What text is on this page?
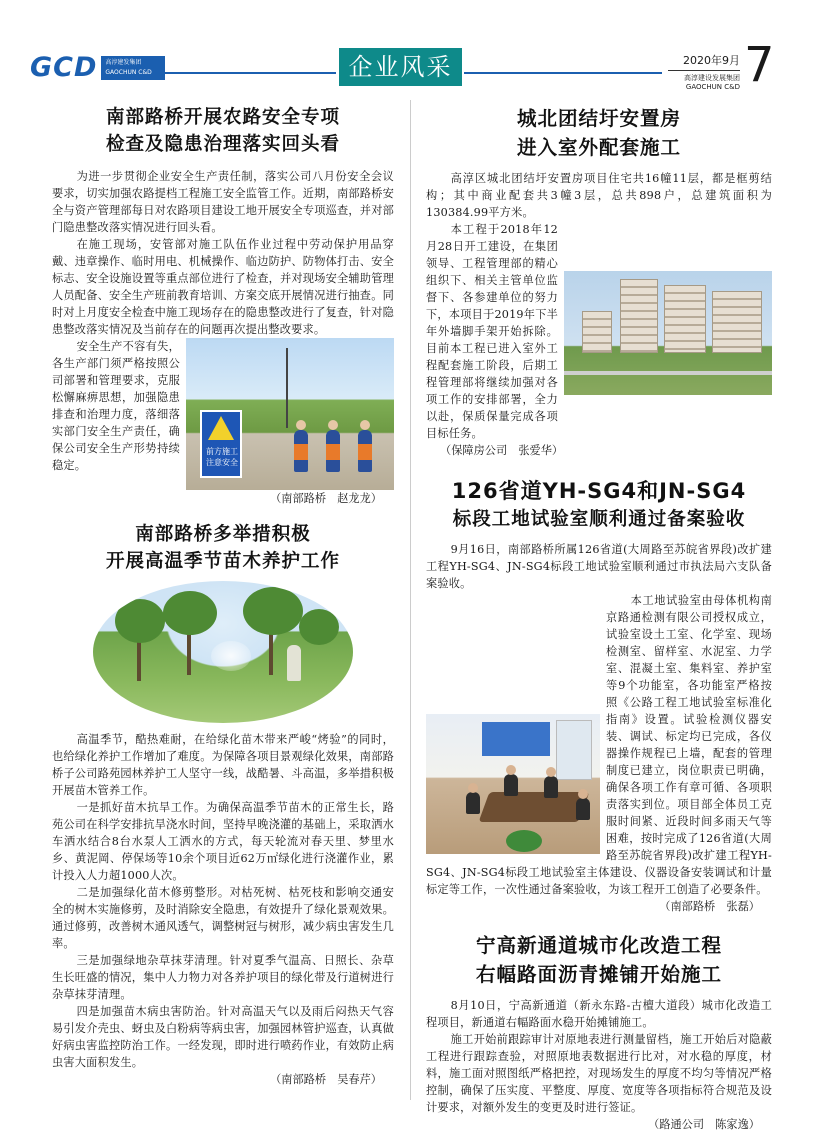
GCD 高淳建发集团
GAOCHUN C&D	企业风采	2020年9月
高淳建设发展集团
GAOCHUN C&D 7
南部路桥开展农路安全专项
检查及隐患治理落实回头看

为进一步贯彻企业安全生产责任制，落实公司八月份安全会议要求，切实加强农路提档工程施工安全监管工作。近期，南部路桥安全与资产管理部每日对农路项目建设工地开展安全专项巡查，并对部门隐患整改落实情况进行回头看。

在施工现场，安管部对施工队伍作业过程中劳动保护用品穿戴、违章操作、临时用电、机械操作、临边防护、防物体打击、安全标志、安全设施设置等重点部位进行了检查，并对现场安全辅助管理人员配备、安全生产班前教育培训、方案交底开展情况进行抽查。同时对上月度安全检查中施工现场存在的隐患整改进行了复查，针对隐患整改落实情况及当前存在的问题再次提出整改要求。

安全生产不容有失，各生产部门须严格按照公司部署和管理要求，克服松懈麻痹思想，加强隐患排查和治理力度，落细落实部门安全生产责任，确保公司安全生产形势持续稳定。

前方施工注意安全
（南部路桥　赵龙龙）
南部路桥多举措积极
开展高温季节苗木养护工作

高温季节，酷热难耐，在给绿化苗木带来严峻“烤验”的同时，也给绿化养护工作增加了难度。为保障各项目景观绿化效果，南部路桥子公司路苑园林养护工人坚守一线，战酷暑、斗高温，多举措积极开展苗木管养工作。

一是抓好苗木抗旱工作。为确保高温季节苗木的正常生长，路苑公司在科学安排抗旱浇水时间，坚持早晚浇灌的基础上，采取洒水车洒水结合8台水泵人工洒水的方式，每天轮流对春天里、梦里水乡、黄泥岡、停保场等10余个项目近62万㎡绿化进行浇灌作业，累计投入人力超1000人次。

二是加强绿化苗木修剪整形。对枯死树、枯死枝和影响交通安全的树木实施修剪，及时消除安全隐患，有效提升了绿化景观效果。通过修剪，改善树木通风透气，调整树冠与树形，减少病虫害发生几率。

三是加强绿地杂草抹芽清理。针对夏季气温高、日照长、杂草生长旺盛的情况，集中人力物力对各养护项目的绿化带及行道树进行杂草抹芽清理。

四是加强苗木病虫害防治。针对高温天气以及雨后闷热天气容易引发介壳虫、蚜虫及白粉病等病虫害，加强园林管护巡查，认真做好病虫害监控防治工作。一经发现，即时进行喷药作业，有效防止病虫害大面积发生。

（南部路桥　吴春芹）
城北团结圩安置房
进入室外配套施工

高淳区城北团结圩安置房项目住宅共16幢11层，都是框剪结构；其中商业配套共3幢3层，总共898户，总建筑面积为130384.99平方米。

本工程于2018年12月28日开工建设，在集团领导、工程管理部的精心组织下、相关主管单位监督下、各参建单位的努力下，本项目于2019年下半年外墙脚手架开始拆除。目前本工程已进入室外工程配套施工阶段，后期工程管理部将继续加强对各项工作的安排部署，全力以赴，保质保量完成各项目标任务。

（保障房公司　张爱华）
126省道YH-SG4和JN-SG4
标段工地试验室顺利通过备案验收

9月16日，南部路桥所属126省道(大周路至苏皖省界段)改扩建工程YH-SG4、JN-SG4标段工地试验室顺利通过市执法局六支队备案验收。

本工地试验室由母体机构南京路通检测有限公司授权成立，试验室设土工室、化学室、现场检测室、留样室、水泥室、力学室、混凝土室、集料室、养护室等9个功能室，各功能室严格按照《公路工程工地试验室标准化指南》设置。试验检测仪器安装、调试、标定均已完成，各仪器操作规程已上墙，配套的管理制度已建立，岗位职责已明确，确保各项工作有章可循、各项职责落实到位。项目部全体员工克服时间紧、近段时间多雨天气等困难，按时完成了126省道(大周路至苏皖省界段)改扩建工程YH-SG4、JN-SG4标段工地试验室主体建设、仪器设备安装调试和计量标定等工作，一次性通过备案验收，为该工程开工创造了必要条件。

（南部路桥　张磊）
宁高新通道城市化改造工程
右幅路面沥青摊铺开始施工

8月10日，宁高新通道（新永东路-古檀大道段）城市化改造工程项目，新通道右幅路面水稳开始摊铺施工。

施工开始前跟踪审计对原地表进行测量留档，施工开始后对隐蔽工程进行跟踪查验，对照原地表数据进行比对，对水稳的厚度，材料，施工面对照图纸严格把控，对现场发生的厚度不均匀等情况严格控制，确保了压实度、平整度、厚度、宽度等各项指标符合规范及设计要求，对额外发生的变更及时进行签证。

（路通公司　陈家逸）
